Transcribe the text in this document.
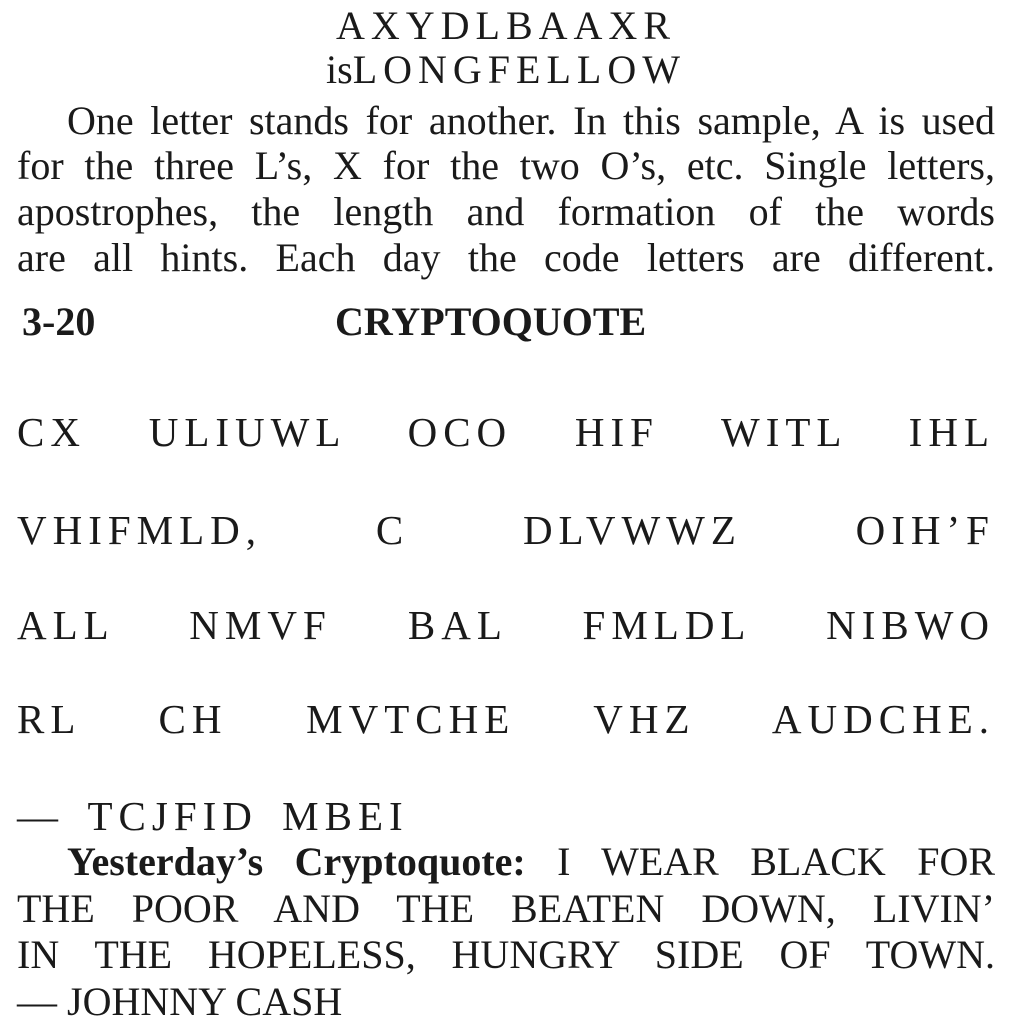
AXYDLBAAXR

isLONGFELLOW

One letter stands for another. In this sample, A is used

for the three L’s, X for the two O’s, etc. Single letters,

apostrophes, the length and formation of the words

are all hints. Each day the code letters are different.

3-20	CRYPTOQUOTE

CX ULIUWL OCO HIF WITL IHL

VHIFMLD, C DLVWWZ OIH’F

ALL NMVF BAL FMLDL NIBWO

RL CH MVTCHE VHZ AUDCHE.

— TCJFID MBEI

Yesterday’s Cryptoquote: I WEAR BLACK FOR

THE POOR AND THE BEATEN DOWN, LIVIN’

IN THE HOPELESS, HUNGRY SIDE OF TOWN.

— JOHNNY CASH
